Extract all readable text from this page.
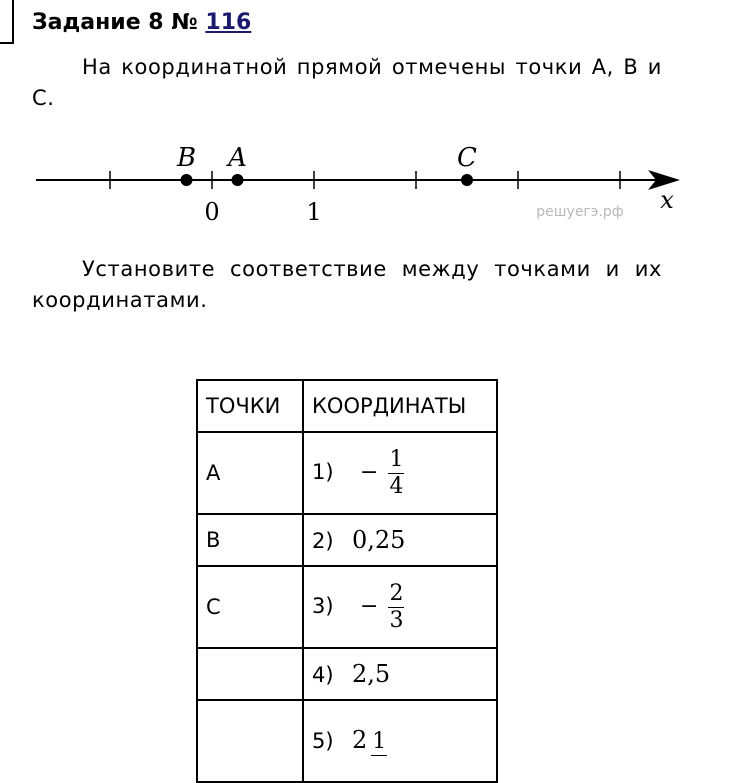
Задание 8 № 116
На координатной прямой отмечены точки A, B и C.
B A	C
0	1	x
решуегэ.рф
Установите соответствие между точками и их координатами.
ТОЧКИ	КООРДИНАТЫ
A	$1) - \frac{1}{4}$

B	2) 0,25
C	$3) - \frac{2}{3}$

	4) 2,5
	5) 2 1
